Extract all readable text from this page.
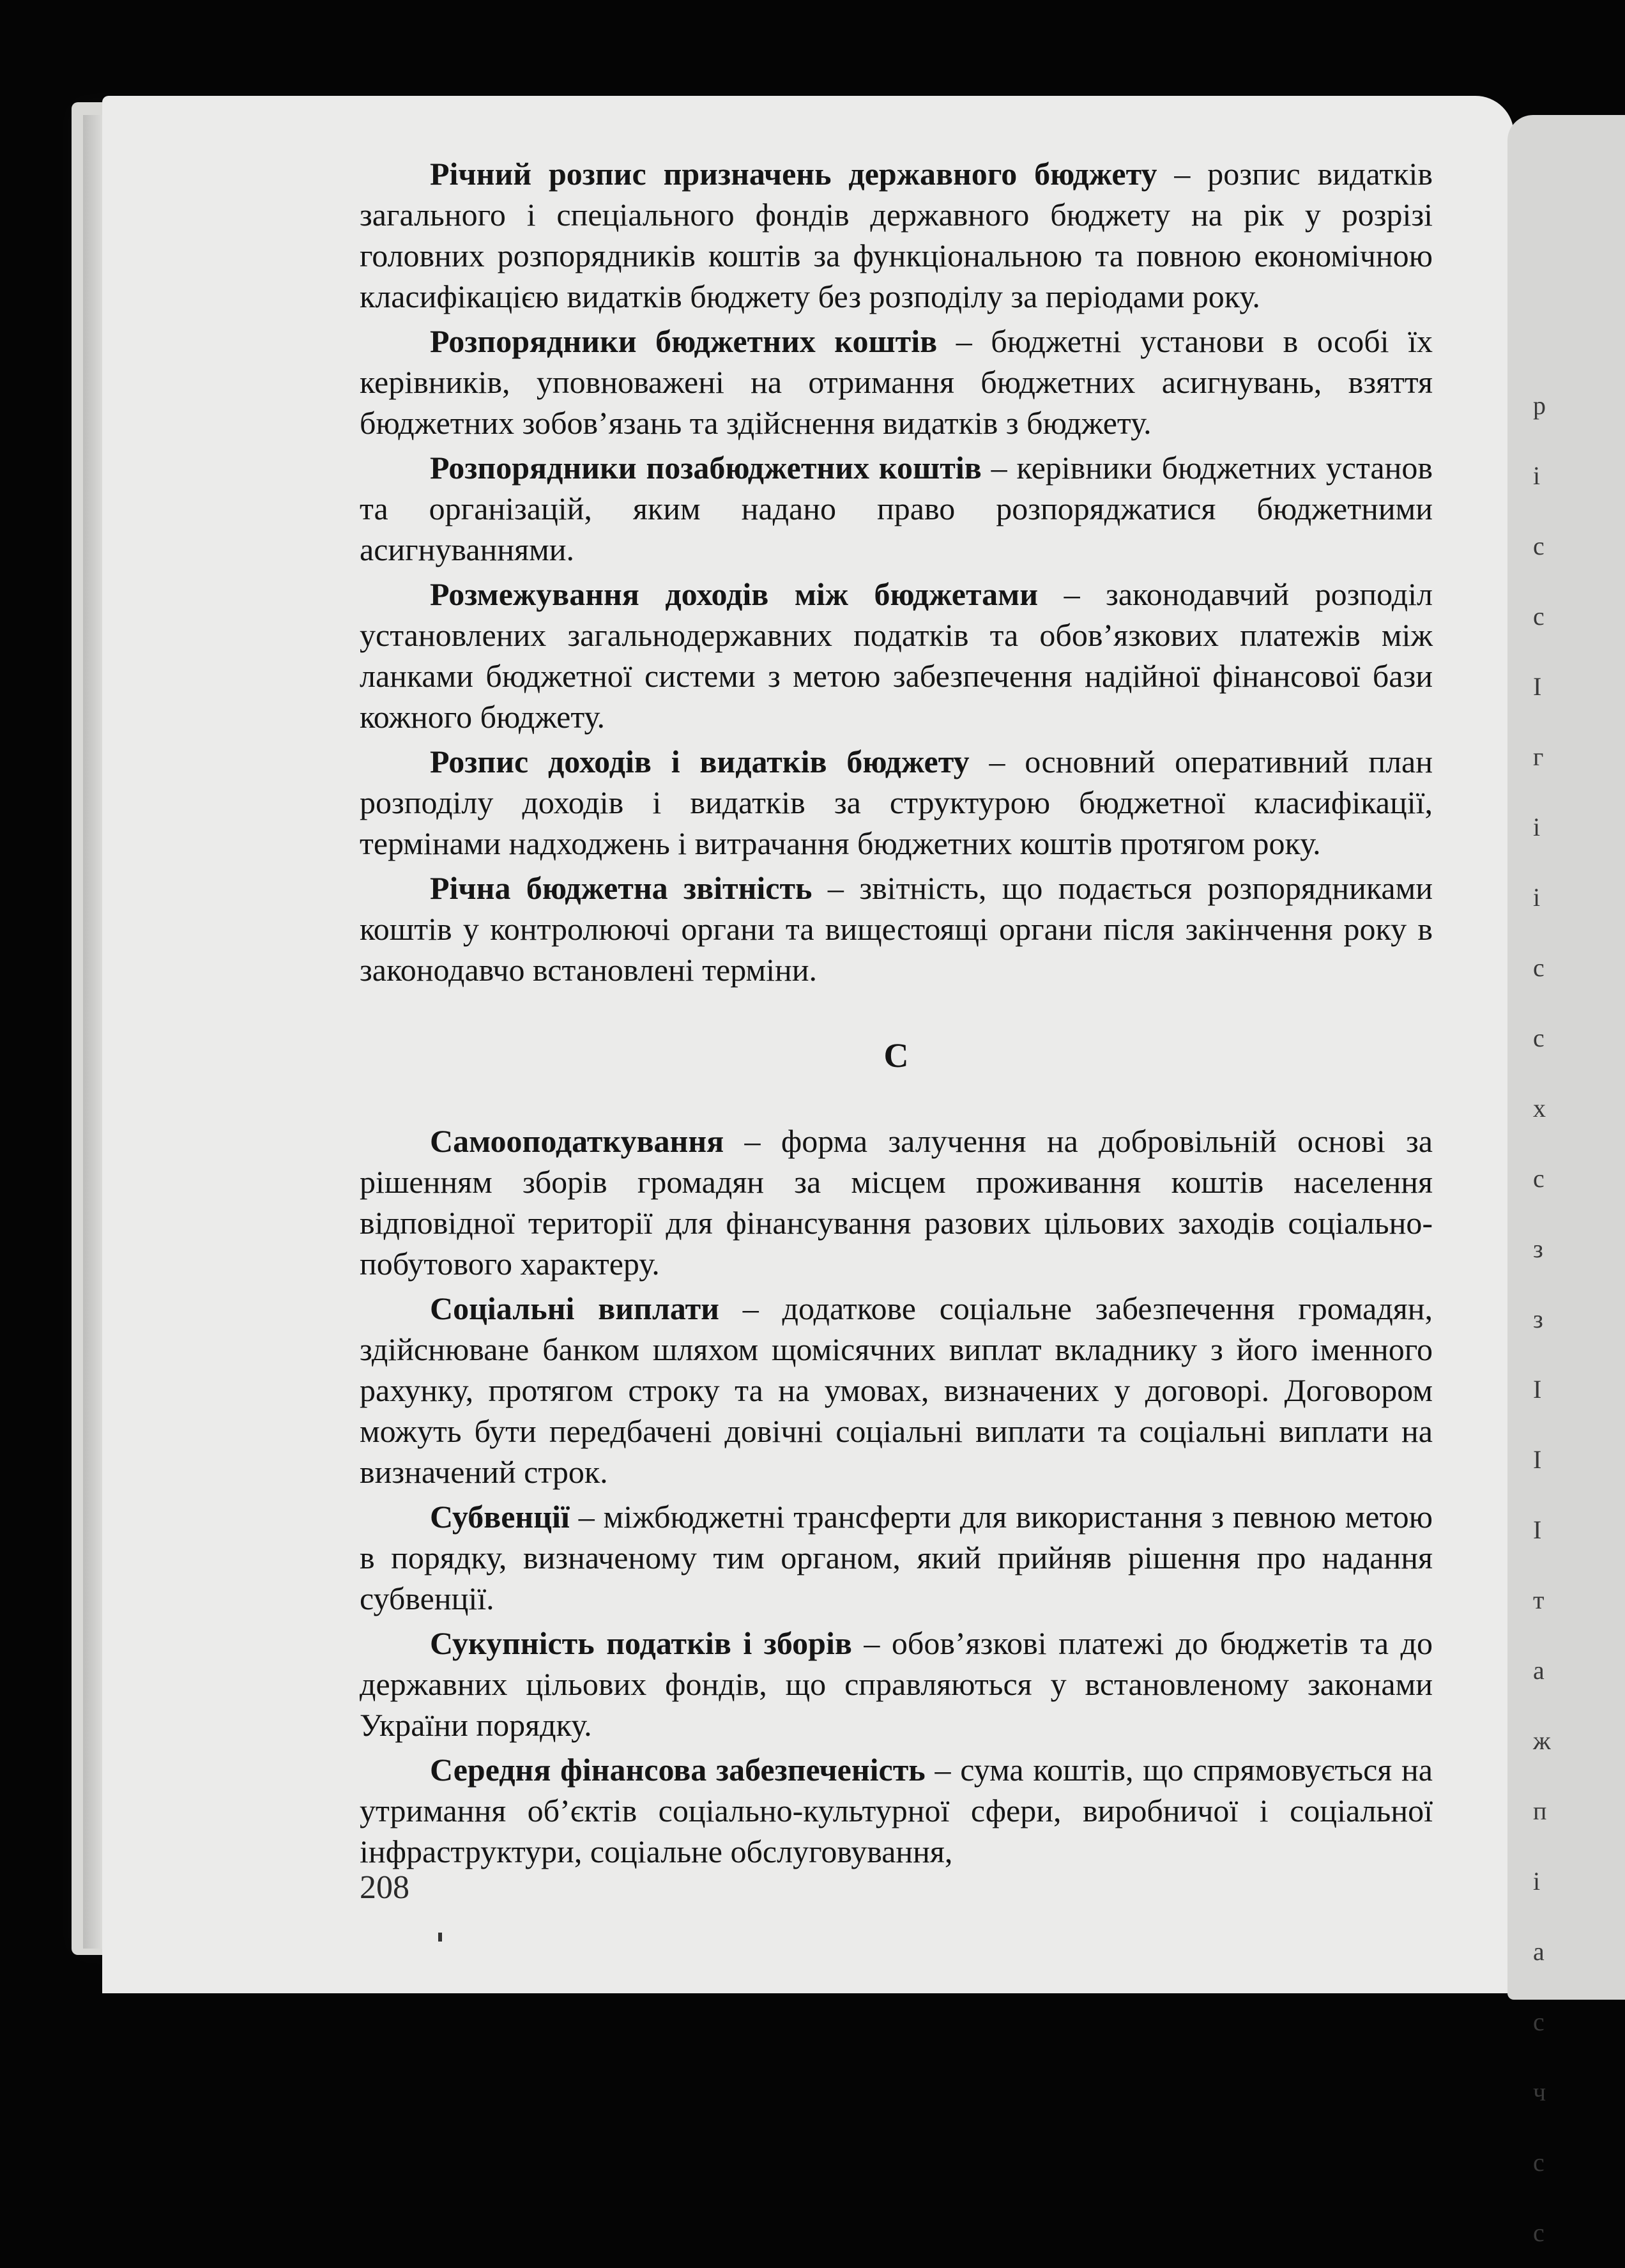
р
і
с
с
І
г
і
і
с
с
х
с
з
з
І
І
І
т
а
ж
п
і
а
с
ч
с
с

Річний розпис призначень державного бюджету – розпис видатків загального і спеціального фондів державного бюджету на рік у розрізі головних розпорядників коштів за функціональною та повною економічною класифікацією видатків бюджету без розподілу за періодами року.

Розпорядники бюджетних коштів – бюджетні установи в особі їх керівників, уповноважені на отримання бюджетних асигнувань, взяття бюджетних зобов’язань та здійснення видатків з бюджету.

Розпорядники позабюджетних коштів – керівники бюджетних установ та організацій, яким надано право розпоряджатися бюджетними асигнуваннями.

Розмежування доходів між бюджетами – законодавчий розподіл установлених загальнодержавних податків та обов’язкових платежів між ланками бюджетної системи з метою забезпечення надійної фінансової бази кожного бюджету.

Розпис доходів і видатків бюджету – основний оперативний план розподілу доходів і видатків за структурою бюджетної класифікації, термінами надходжень і витрачання бюджетних коштів протягом року.

Річна бюджетна звітність – звітність, що подається розпорядниками коштів у контролюючі органи та вищестоящі органи після закінчення року в законодавчо встановлені терміни.

С

Самооподаткування – форма залучення на добровільній основі за рішенням зборів громадян за місцем проживання коштів населення відповідної території для фінансування разових цільових заходів соціально-побутового характеру.

Соціальні виплати – додаткове соціальне забезпечення громадян, здійснюване банком шляхом щомісячних виплат вкладнику з його іменного рахунку, протягом строку та на умовах, визначених у договорі. Договором можуть бути передбачені довічні соціальні виплати та соціальні виплати на визначений строк.

Субвенції – міжбюджетні трансферти для використання з певною метою в порядку, визначеному тим органом, який прийняв рішення про надання субвенції.

Сукупність податків і зборів – обов’язкові платежі до бюджетів та до державних цільових фондів, що справляються у встановленому законами України порядку.

Середня фінансова забезпеченість – сума коштів, що спрямовується на утримання об’єктів соціально-культурної сфери, виробничої і соціальної інфраструктури, соціальне обслуговування,

208
